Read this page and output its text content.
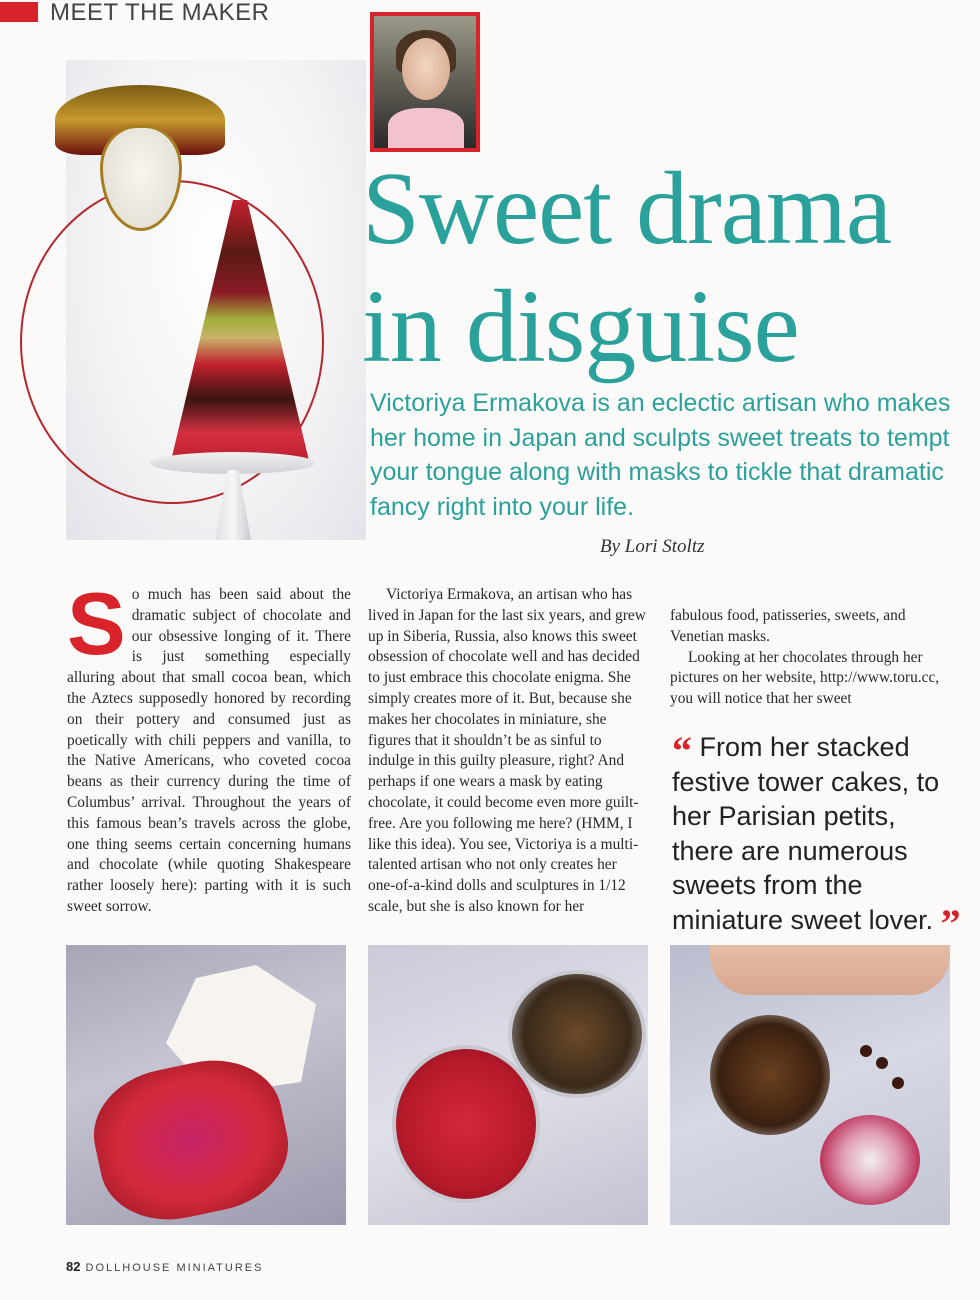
MEET THE MAKER
Sweet drama
in disguise
Victoriya Ermakova is an eclectic artisan who makes her home in Japan and sculpts sweet treats to tempt your tongue along with masks to tickle that dramatic fancy right into your life.
By Lori Stoltz
S o much has been said about the dramatic subject of chocolate and our obsessive longing of it. There is just something especially alluring about that small cocoa bean, which the Aztecs supposedly honored by recording on their pottery and consumed just as poetically with chili peppers and vanilla, to the Native Americans, who coveted cocoa beans as their currency during the time of Columbus’ arrival. Throughout the years of this famous bean’s travels across the globe, one thing seems certain concerning humans and chocolate (while quoting Shakespeare rather loosely here): parting with it is such sweet sorrow.

Victoriya Ermakova, an artisan who has lived in Japan for the last six years, and grew up in Siberia, Russia, also knows this sweet obsession of chocolate well and has decided to just embrace this chocolate enigma. She simply creates more of it. But, because she makes her chocolates in miniature, she figures that it shouldn’t be as sinful to indulge in this guilty pleasure, right? And perhaps if one wears a mask by eating chocolate, it could become even more guilt-free. Are you following me here? (HMM, I like this idea). You see, Victoriya is a multi-talented artisan who not only creates her one-of-a-kind dolls and sculptures in 1/12 scale, but she is also known for her

fabulous food, patisseries, sweets, and Venetian masks.

Looking at her chocolates through her pictures on her website, http://www.toru.cc, you will notice that her sweet

“ From her stacked festive tower cakes, to her Parisian petits, there are numerous sweets from the miniature sweet lover. ”
82 DOLLHOUSE MINIATURES
